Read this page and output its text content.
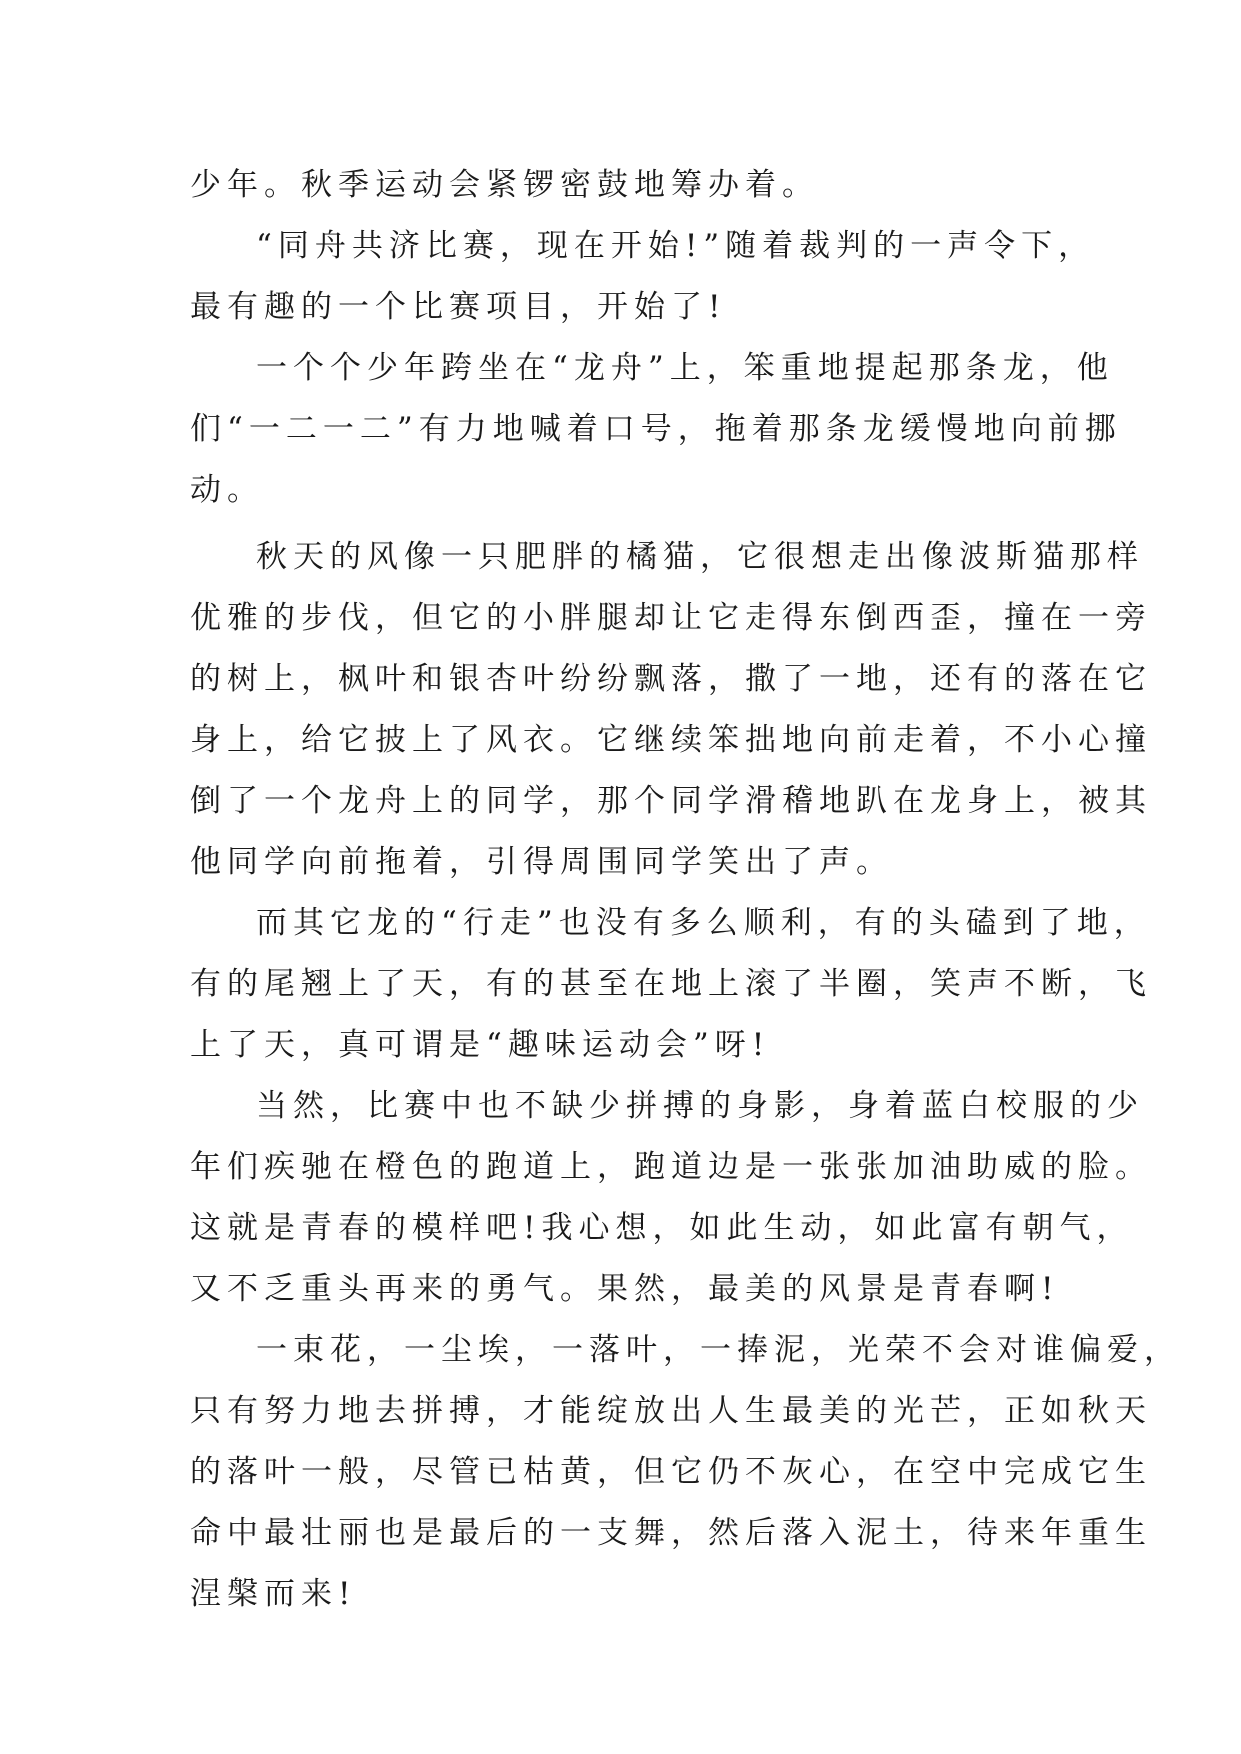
少年。秋季运动会紧锣密鼓地筹办着。
“同舟共济比赛，现在开始!”随着裁判的一声令下，
最有趣的一个比赛项目，开始了!
一个个少年跨坐在“龙舟”上，笨重地提起那条龙，他
们“一二一二”有力地喊着口号，拖着那条龙缓慢地向前挪
动。
秋天的风像一只肥胖的橘猫，它很想走出像波斯猫那样
优雅的步伐，但它的小胖腿却让它走得东倒西歪，撞在一旁
的树上，枫叶和银杏叶纷纷飘落，撒了一地，还有的落在它
身上，给它披上了风衣。它继续笨拙地向前走着，不小心撞
倒了一个龙舟上的同学，那个同学滑稽地趴在龙身上，被其
他同学向前拖着，引得周围同学笑出了声。
而其它龙的“行走”也没有多么顺利，有的头磕到了地，
有的尾翘上了天，有的甚至在地上滚了半圈，笑声不断，飞
上了天，真可谓是“趣味运动会”呀!
当然，比赛中也不缺少拼搏的身影，身着蓝白校服的少
年们疾驰在橙色的跑道上，跑道边是一张张加油助威的脸。
这就是青春的模样吧!我心想，如此生动，如此富有朝气，
又不乏重头再来的勇气。果然，最美的风景是青春啊!
一束花，一尘埃，一落叶，一捧泥，光荣不会对谁偏爱，
只有努力地去拼搏，才能绽放出人生最美的光芒，正如秋天
的落叶一般，尽管已枯黄，但它仍不灰心，在空中完成它生
命中最壮丽也是最后的一支舞，然后落入泥土，待来年重生
涅槃而来!
